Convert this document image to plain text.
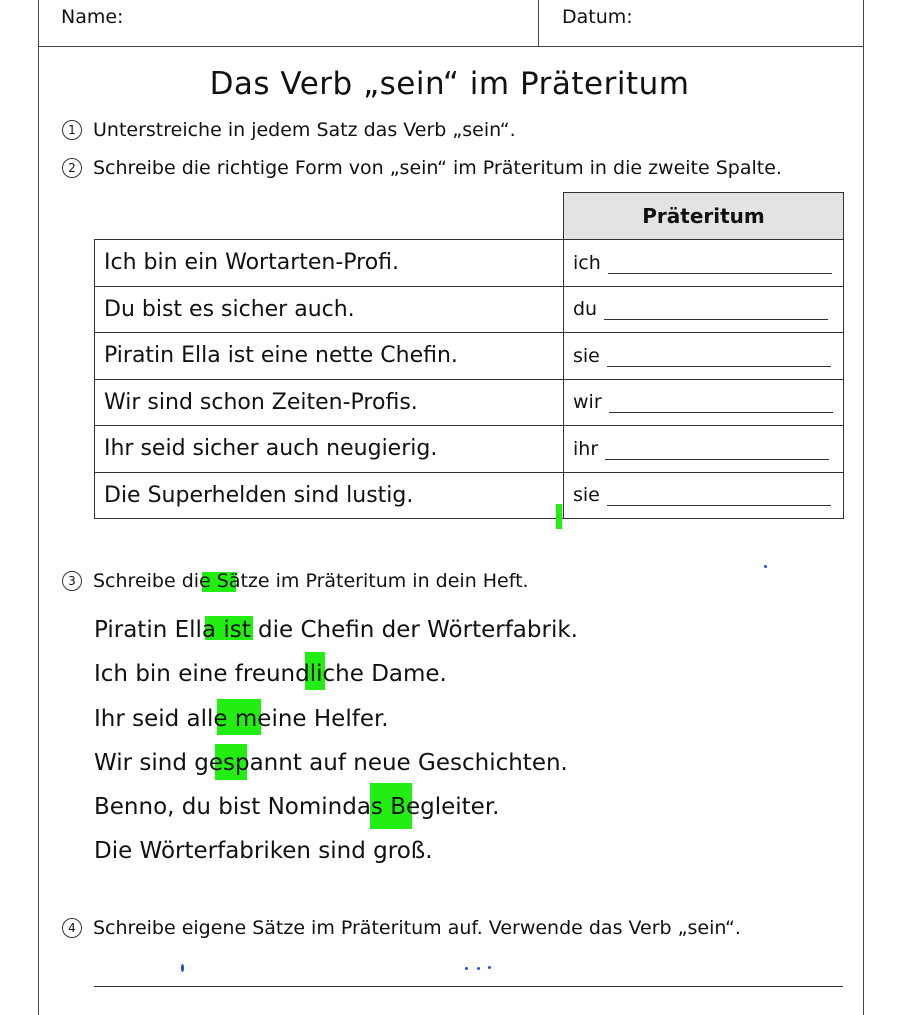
Name:	Datum:
Das Verb „sein“ im Präteritum
1 Unterstreiche in jedem Satz das Verb „sein“.
2 Schreibe die richtige Form von „sein“ im Präteritum in die zweite Spalte.
	Präteritum
Ich bin ein Wortarten-Profi.	ich

Du bist es sicher auch.	du

Piratin Ella ist eine nette Chefin.	sie

Wir sind schon Zeiten-Profis.	wir

Ihr seid sicher auch neugierig.	ihr

Die Superhelden sind lustig.	sie
3 Schreibe die Sätze im Präteritum in dein Heft.
Piratin Ella ist die Chefin der Wörterfabrik.
Ich bin eine freundliche Dame.
Ihr seid alle meine Helfer.
Wir sind gespannt auf neue Geschichten.
Benno, du bist Nomindas Begleiter.
Die Wörterfabriken sind groß.
4 Schreibe eigene Sätze im Präteritum auf. Verwende das Verb „sein“.
